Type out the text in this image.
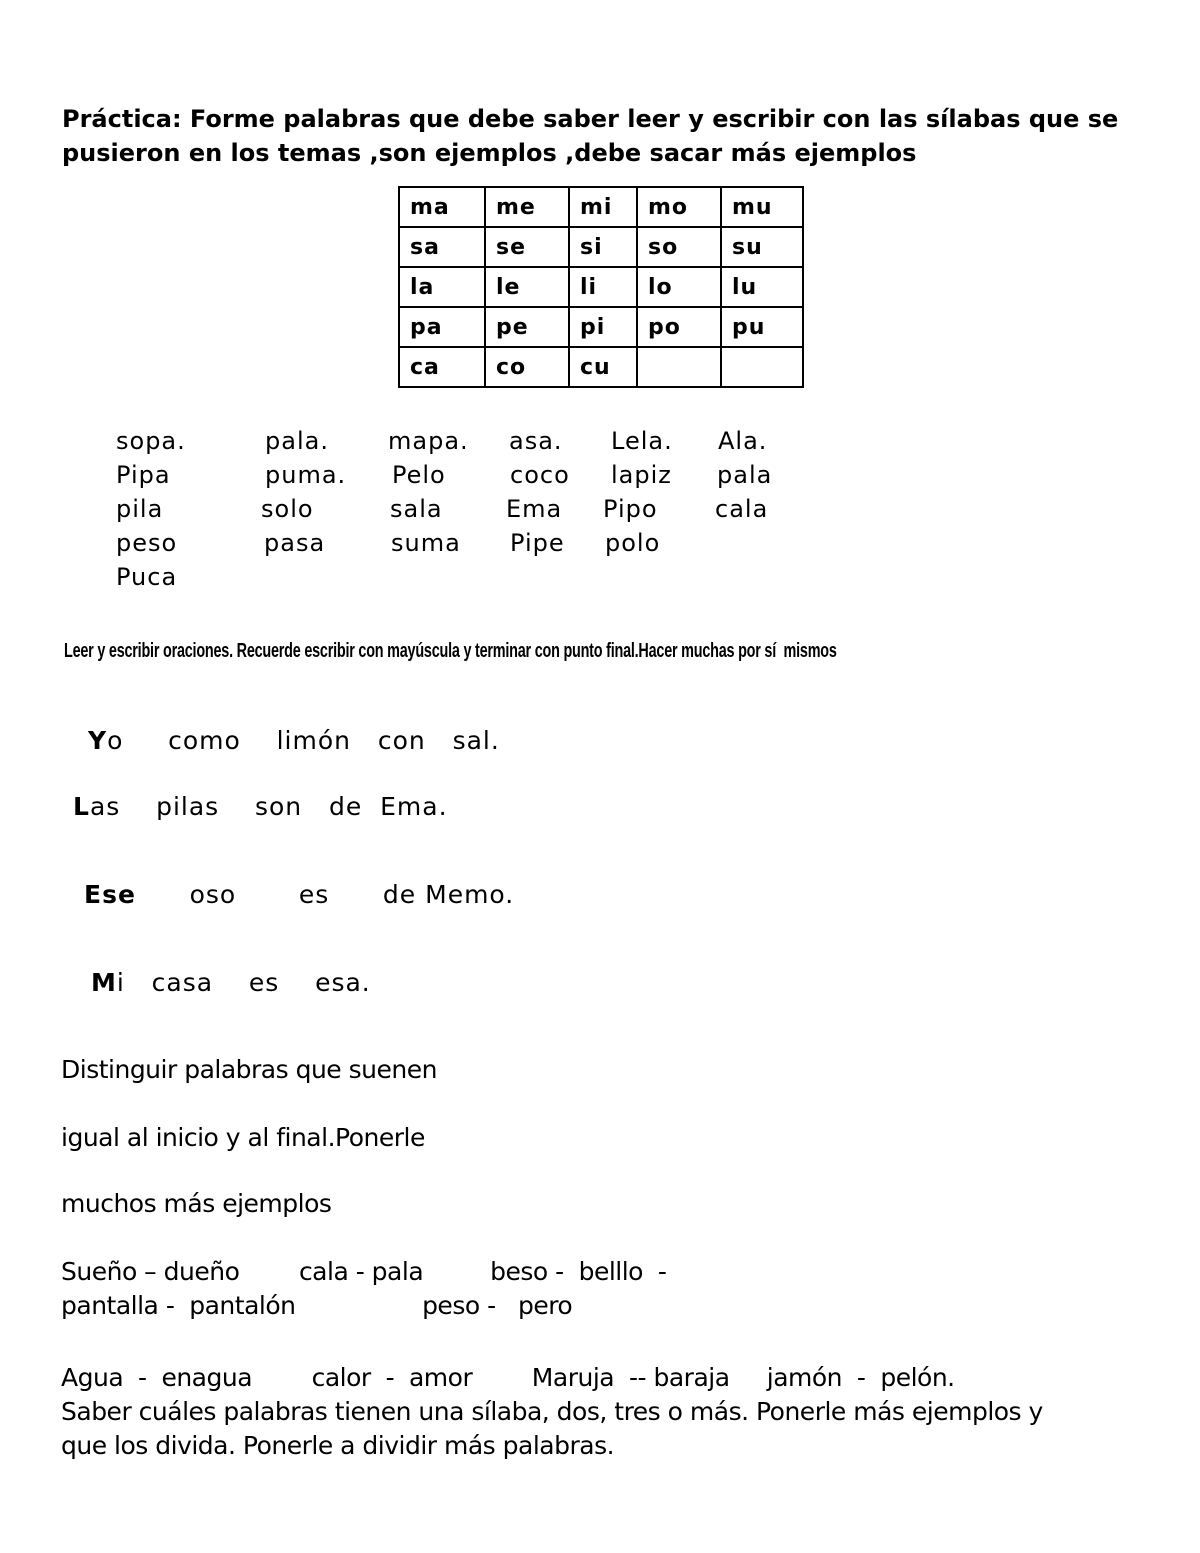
Práctica: Forme palabras que debe saber leer y escribir con las sílabas que se pusieron en los temas ,son ejemplos ,debe sacar más ejemplos
ma	me	mi	mo	mu
sa	se	si	so	su
la	le	li	lo	lu
pa	pe	pi	po	pu
ca	co	cu		
sopa.	pala. mapa. asa. Lela. Ala.
Pipa	puma. Pelo	coco lapiz pala
pila	solo	sala	Ema Pipo cala
peso	pasa	suma Pipe polo
Puca
Leer y escribir oraciones. Recuerde escribir con mayúscula y terminar con punto final.Hacer muchas por sí  mismos
Yo     como    limón   con   sal.
Las    pilas    son   de  Ema.
Ese      oso       es      de Memo.
Mi   casa    es    esa.
Distinguir palabras que suenen
igual al inicio y al final.Ponerle
muchos más ejemplos
Sueño – dueño        cala - pala         beso -  belllo  -
pantalla -  pantalón                 peso -   pero
Agua  -  enagua        calor  -  amor        Maruja  -- baraja     jamón  -  pelón.
Saber cuáles palabras tienen una sílaba, dos, tres o más. Ponerle más ejemplos y
que los divida. Ponerle a dividir más palabras.
